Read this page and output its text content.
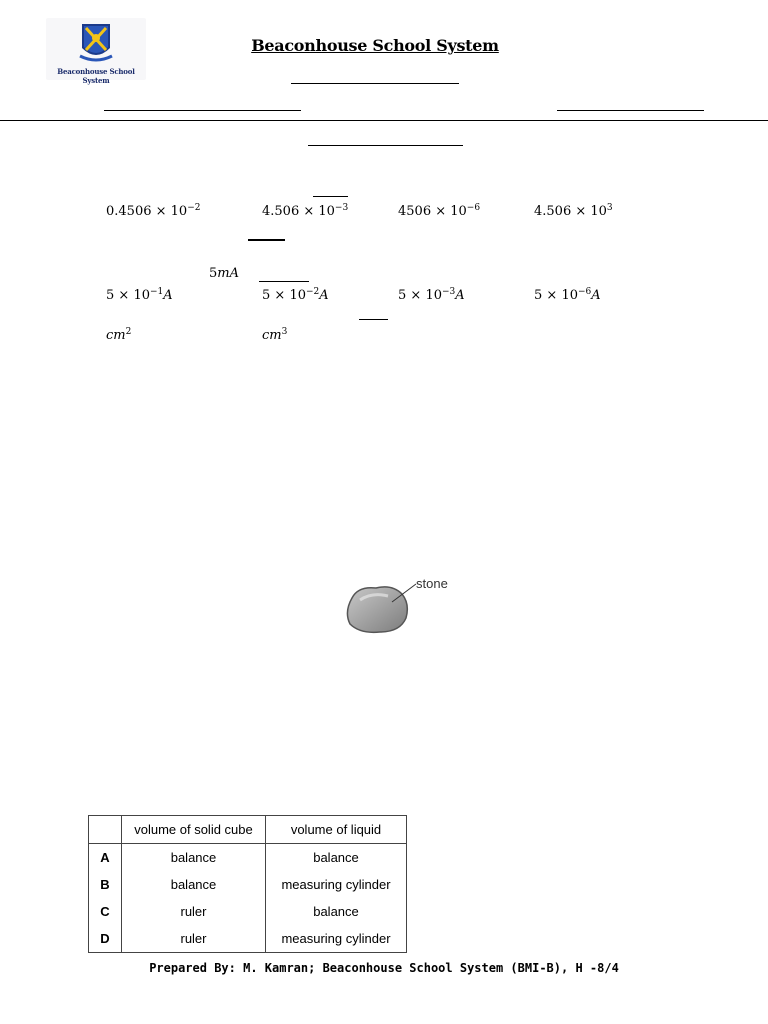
Beaconhouse School System
Beaconhouse School System
$0.4506 \times 10^{-2}$	$4.506 \times 10^{-3}$	$4506 \times 10^{-6}$	$4.506 \times 10^3$
5mA
$5 \times 10^{-1}A$	$5 \times 10^{-2}A$	$5 \times 10^{-3}A$	$5 \times 10^{-6}A$
$cm^2$	$cm^3$
stone
	volume of solid cube	volume of liquid
A	balance	balance
B	balance	measuring cylinder
C	ruler	balance
D	ruler	measuring cylinder
Prepared By: M. Kamran; Beaconhouse School System (BMI-B), H -8/4
